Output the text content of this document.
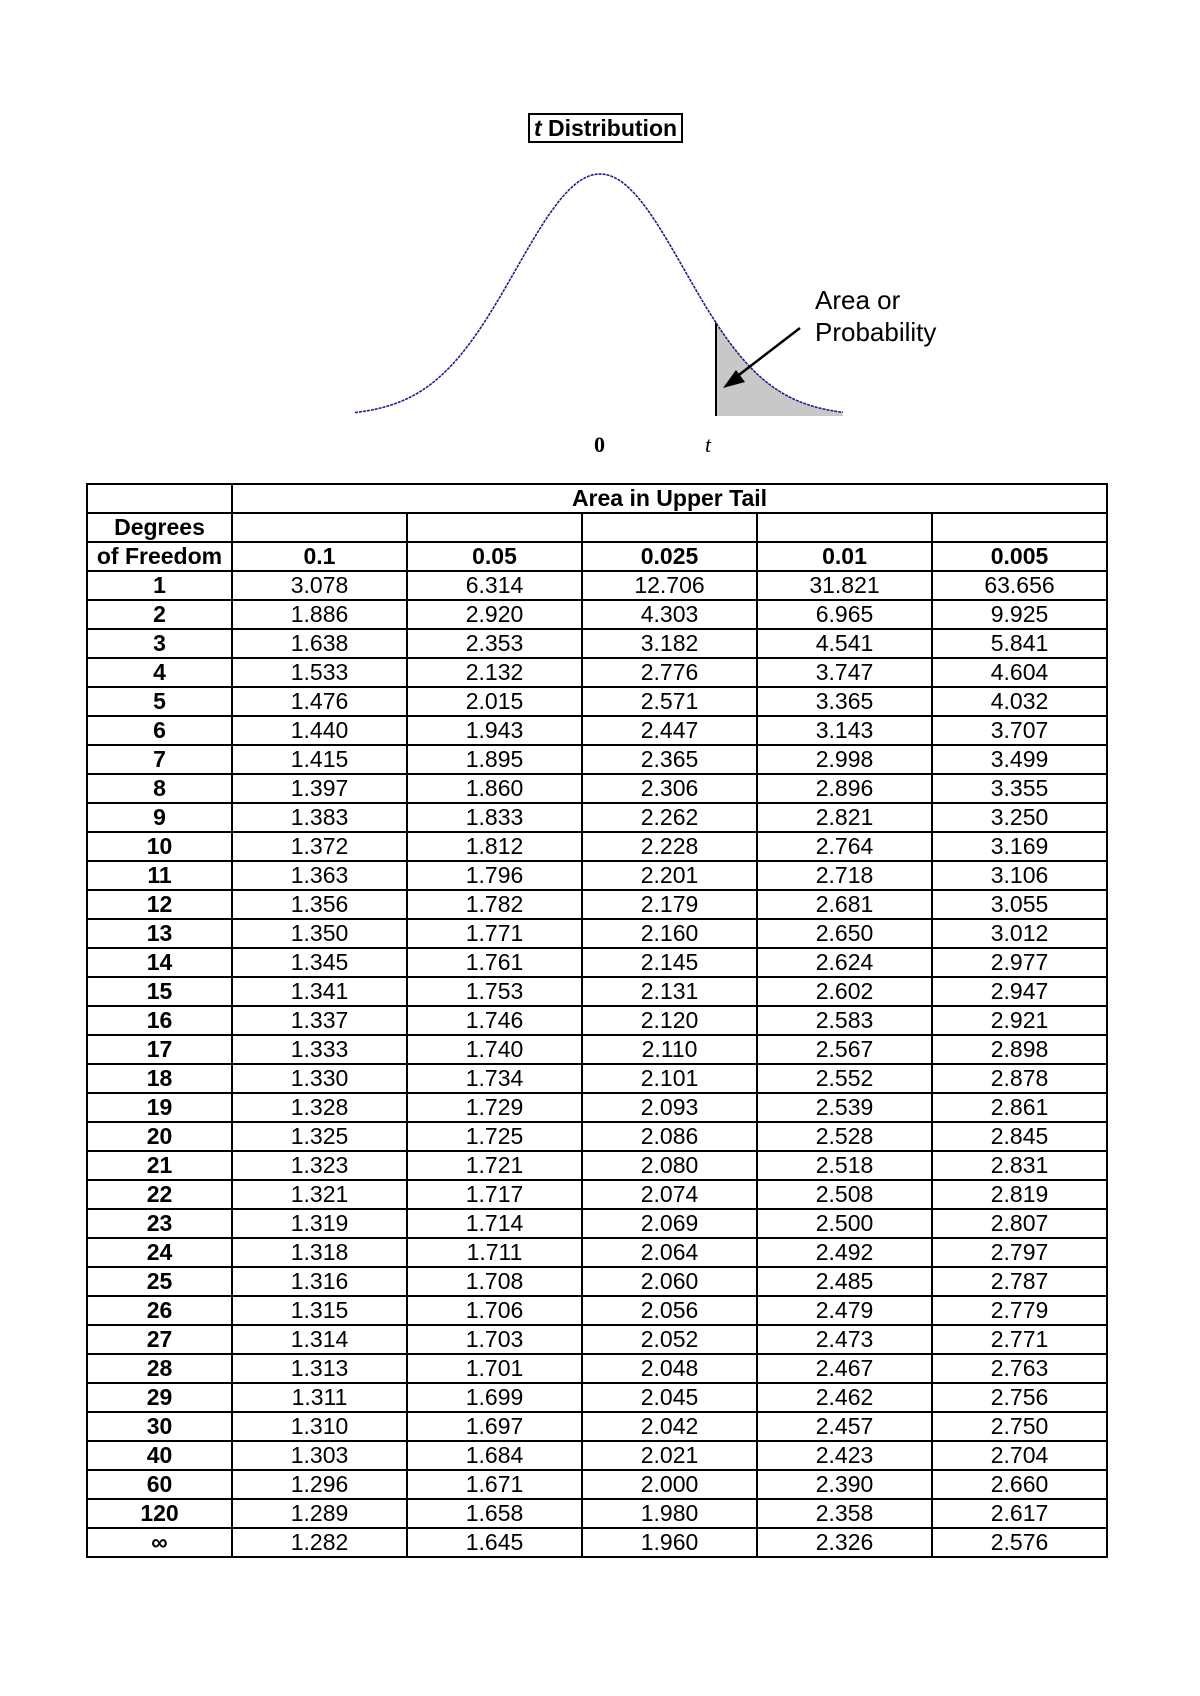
t Distribution
Area or
Probability
0	t
	Area in Upper Tail				
Degrees					
of Freedom	0.1	0.05	0.025	0.01	0.005
1	3.078	6.314	12.706	31.821	63.656
2	1.886	2.920	4.303	6.965	9.925
3	1.638	2.353	3.182	4.541	5.841
4	1.533	2.132	2.776	3.747	4.604
5	1.476	2.015	2.571	3.365	4.032
6	1.440	1.943	2.447	3.143	3.707
7	1.415	1.895	2.365	2.998	3.499
8	1.397	1.860	2.306	2.896	3.355
9	1.383	1.833	2.262	2.821	3.250
10	1.372	1.812	2.228	2.764	3.169
11	1.363	1.796	2.201	2.718	3.106
12	1.356	1.782	2.179	2.681	3.055
13	1.350	1.771	2.160	2.650	3.012
14	1.345	1.761	2.145	2.624	2.977
15	1.341	1.753	2.131	2.602	2.947
16	1.337	1.746	2.120	2.583	2.921
17	1.333	1.740	2.110	2.567	2.898
18	1.330	1.734	2.101	2.552	2.878
19	1.328	1.729	2.093	2.539	2.861
20	1.325	1.725	2.086	2.528	2.845
21	1.323	1.721	2.080	2.518	2.831
22	1.321	1.717	2.074	2.508	2.819
23	1.319	1.714	2.069	2.500	2.807
24	1.318	1.711	2.064	2.492	2.797
25	1.316	1.708	2.060	2.485	2.787
26	1.315	1.706	2.056	2.479	2.779
27	1.314	1.703	2.052	2.473	2.771
28	1.313	1.701	2.048	2.467	2.763
29	1.311	1.699	2.045	2.462	2.756
30	1.310	1.697	2.042	2.457	2.750
40	1.303	1.684	2.021	2.423	2.704
60	1.296	1.671	2.000	2.390	2.660
120	1.289	1.658	1.980	2.358	2.617
∞	1.282	1.645	1.960	2.326	2.576
